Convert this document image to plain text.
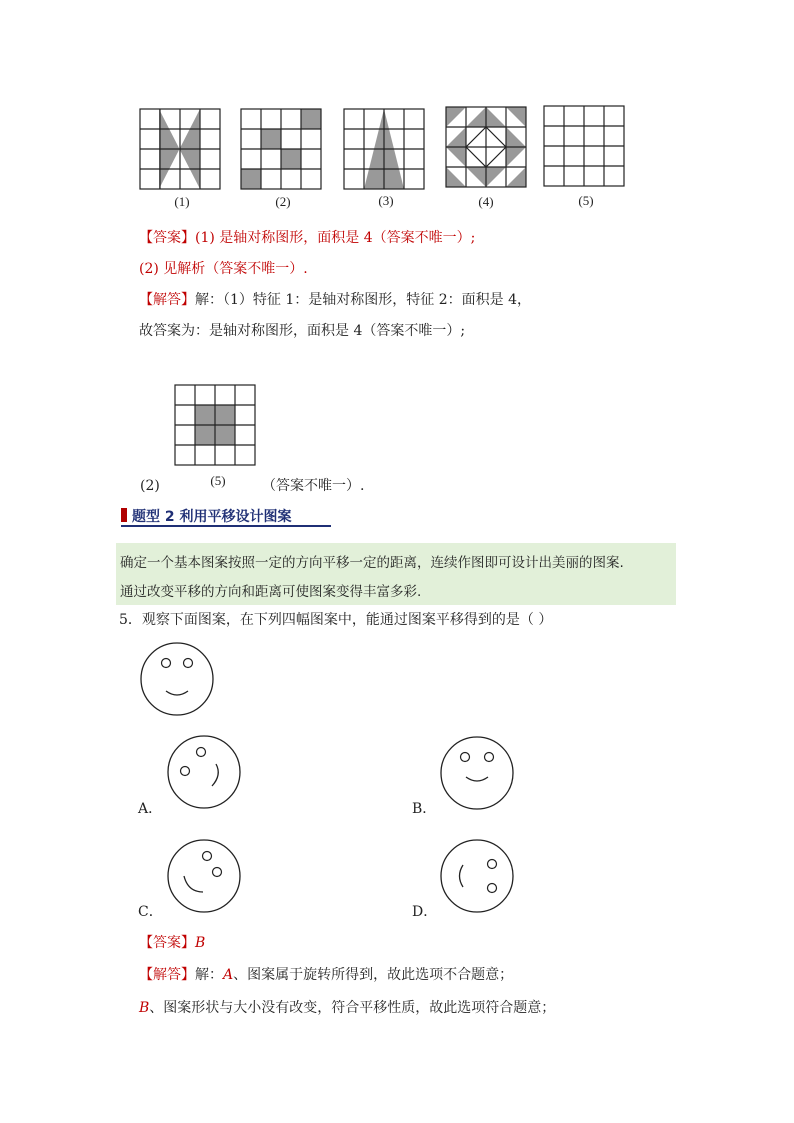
(1)	(2)	(3)	(4)	(5)
【答案】(1) 是轴对称图形，面积是 4（答案不唯一）;
(2) 见解析（答案不唯一）.
【解答】解：（1）特征 1：是轴对称图形，特征 2：面积是 4，
故答案为：是轴对称图形，面积是 4（答案不唯一）;
(2)	(5)	（答案不唯一）.
题型 2 利用平移设计图案
确定一个基本图案按照一定的方向平移一定的距离，连续作图即可设计出美丽的图案.
通过改变平移的方向和距离可使图案变得丰富多彩.
5．观察下面图案，在下列四幅图案中，能通过图案平移得到的是（ ）
A．	B．
C．	D．
【答案】B
【解答】解：A、图案属于旋转所得到，故此选项不合题意；
B、图案形状与大小没有改变，符合平移性质，故此选项符合题意；
